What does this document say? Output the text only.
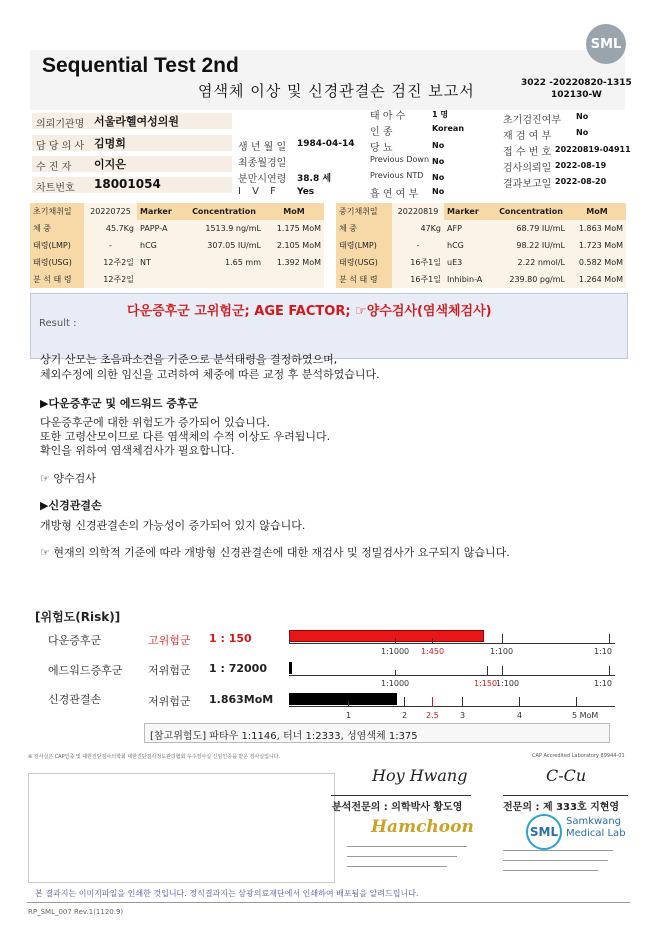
SML
Sequential Test 2nd
염색체 이상 및 신경관결손 검진 보고서	3022 -20220820-1315
102130-W
의뢰기관명 서울라헬여성의원
담 당 의 사 김명희
수 진 자 이지은
차트번호 18001054
생 년 월 일 1984-04-14
최종월경일
분만시연령 38.8 세
I V F Yes
태 아 수	1 명
인 종	Korean
당 뇨	No
Previous Down No
Previous NTD No
흡 연 여 부 No
초기검진여부 No
재 검 여 부	No
접 수 번 호 20220819-04911
검사의뢰일 2022-08-19
결과보고일 2022-08-20
초기채취일	20220725	Marker	Concentration	MoM
체 중	45.7Kg	PAPP-A	1513.9 ng/mL	1.175 MoM
태령(LMP)	-	hCG	307.05 IU/mL	2.105 MoM
태령(USG)	12주2일	NT	1.65 mm	1.392 MoM
분 석 태 령	12주2일			
중기채취일	20220819	Marker	Concentration	MoM
체 중	47Kg	AFP	68.79 IU/mL	1.863 MoM
태령(LMP)	-	hCG	98.22 IU/mL	1.723 MoM
태령(USG)	16주1일	uE3	2.22 nmol/L	0.582 MoM
분 석 태 령	16주1일	Inhibin-A	239.80 pg/mL	1.264 MoM
Result :
다운증후군 고위험군; AGE FACTOR; ☞양수검사(염색체검사)
상기 산모는 초음파소견을 기준으로 분석태령을 결정하였으며,
체외수정에 의한 임신을 고려하여 체중에 따른 교정 후 분석하였습니다.
▶다운증후군 및 에드워드 증후군
다운증후군에 대한 위험도가 증가되어 있습니다.
또한 고령산모이므로 다른 염색체의 수적 이상도 우려됩니다.
확인을 위하여 염색체검사가 필요합니다.
☞ 양수검사
▶신경관결손
개방형 신경관결손의 가능성이 증가되어 있지 않습니다.
☞ 현재의 의학적 기준에 따라 개방형 신경관결손에 대한 재검사 및 정밀검사가 요구되지 않습니다.
[위험도(Risk)]
다운증후군	고위험군 1 : 150
1:1000 1:450	1:100	1:10
에드워드증후군 저위험군 1 : 72000
1:1000	1:150
1:100	1:10
신경관결손	저위험군 1.863MoM
1	2 2.5	3	4	5 MoM
[참고위험도] 파타우 1:1146, 터너 1:2333, 성염색체 1:375
※ 검사실은 CAP인증 및 대한진단검사의학회 대한진단검사정도관리협회 우수검사실 신임인증을 받은 검사실입니다.	CAP Accredited Laboratory 89944-01
Hoy Hwang	C-Cu
분석전문의 : 의학박사 황도영	전문의 : 제 333호 지현영
Hamchoon	SML
Samkwang
Medical Lab
본 결과지는 이미지파일을 인쇄한 것입니다. 정식결과지는 삼광의료재단에서 인쇄하여 배포됨을 알려드립니다.
RP_SML_007 Rev.1(1120.9)
